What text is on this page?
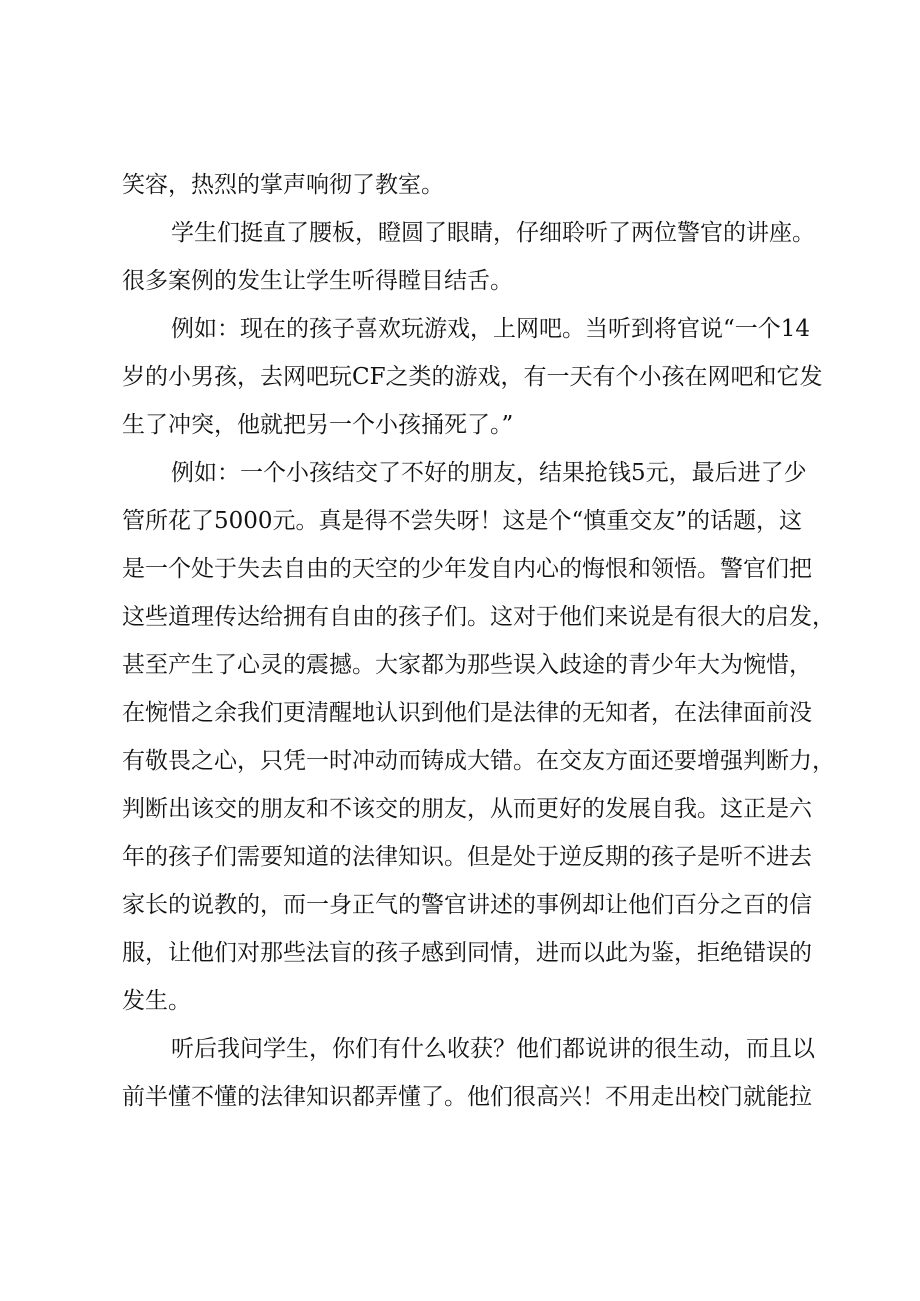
笑容，热烈的掌声响彻了教室。
学生们挺直了腰板，瞪圆了眼睛，仔细聆听了两位警官的讲座。
很多案例的发生让学生听得瞠目结舌。
例如：现在的孩子喜欢玩游戏，上网吧。当听到将官说“一个14
岁的小男孩，去网吧玩CF之类的游戏，有一天有个小孩在网吧和它发
生了冲突，他就把另一个小孩捅死了。”
例如：一个小孩结交了不好的朋友，结果抢钱5元，最后进了少
管所花了5000元。真是得不尝失呀！这是个“慎重交友”的话题，这
是一个处于失去自由的天空的少年发自内心的悔恨和领悟。警官们把
这些道理传达给拥有自由的孩子们。这对于他们来说是有很大的启发，
甚至产生了心灵的震撼。大家都为那些误入歧途的青少年大为惋惜，
在惋惜之余我们更清醒地认识到他们是法律的无知者，在法律面前没
有敬畏之心，只凭一时冲动而铸成大错。在交友方面还要增强判断力，
判断出该交的朋友和不该交的朋友，从而更好的发展自我。这正是六
年的孩子们需要知道的法律知识。但是处于逆反期的孩子是听不进去
家长的说教的，而一身正气的警官讲述的事例却让他们百分之百的信
服，让他们对那些法盲的孩子感到同情，进而以此为鉴，拒绝错误的
发生。
听后我问学生，你们有什么收获？他们都说讲的很生动，而且以
前半懂不懂的法律知识都弄懂了。他们很高兴！不用走出校门就能拉
